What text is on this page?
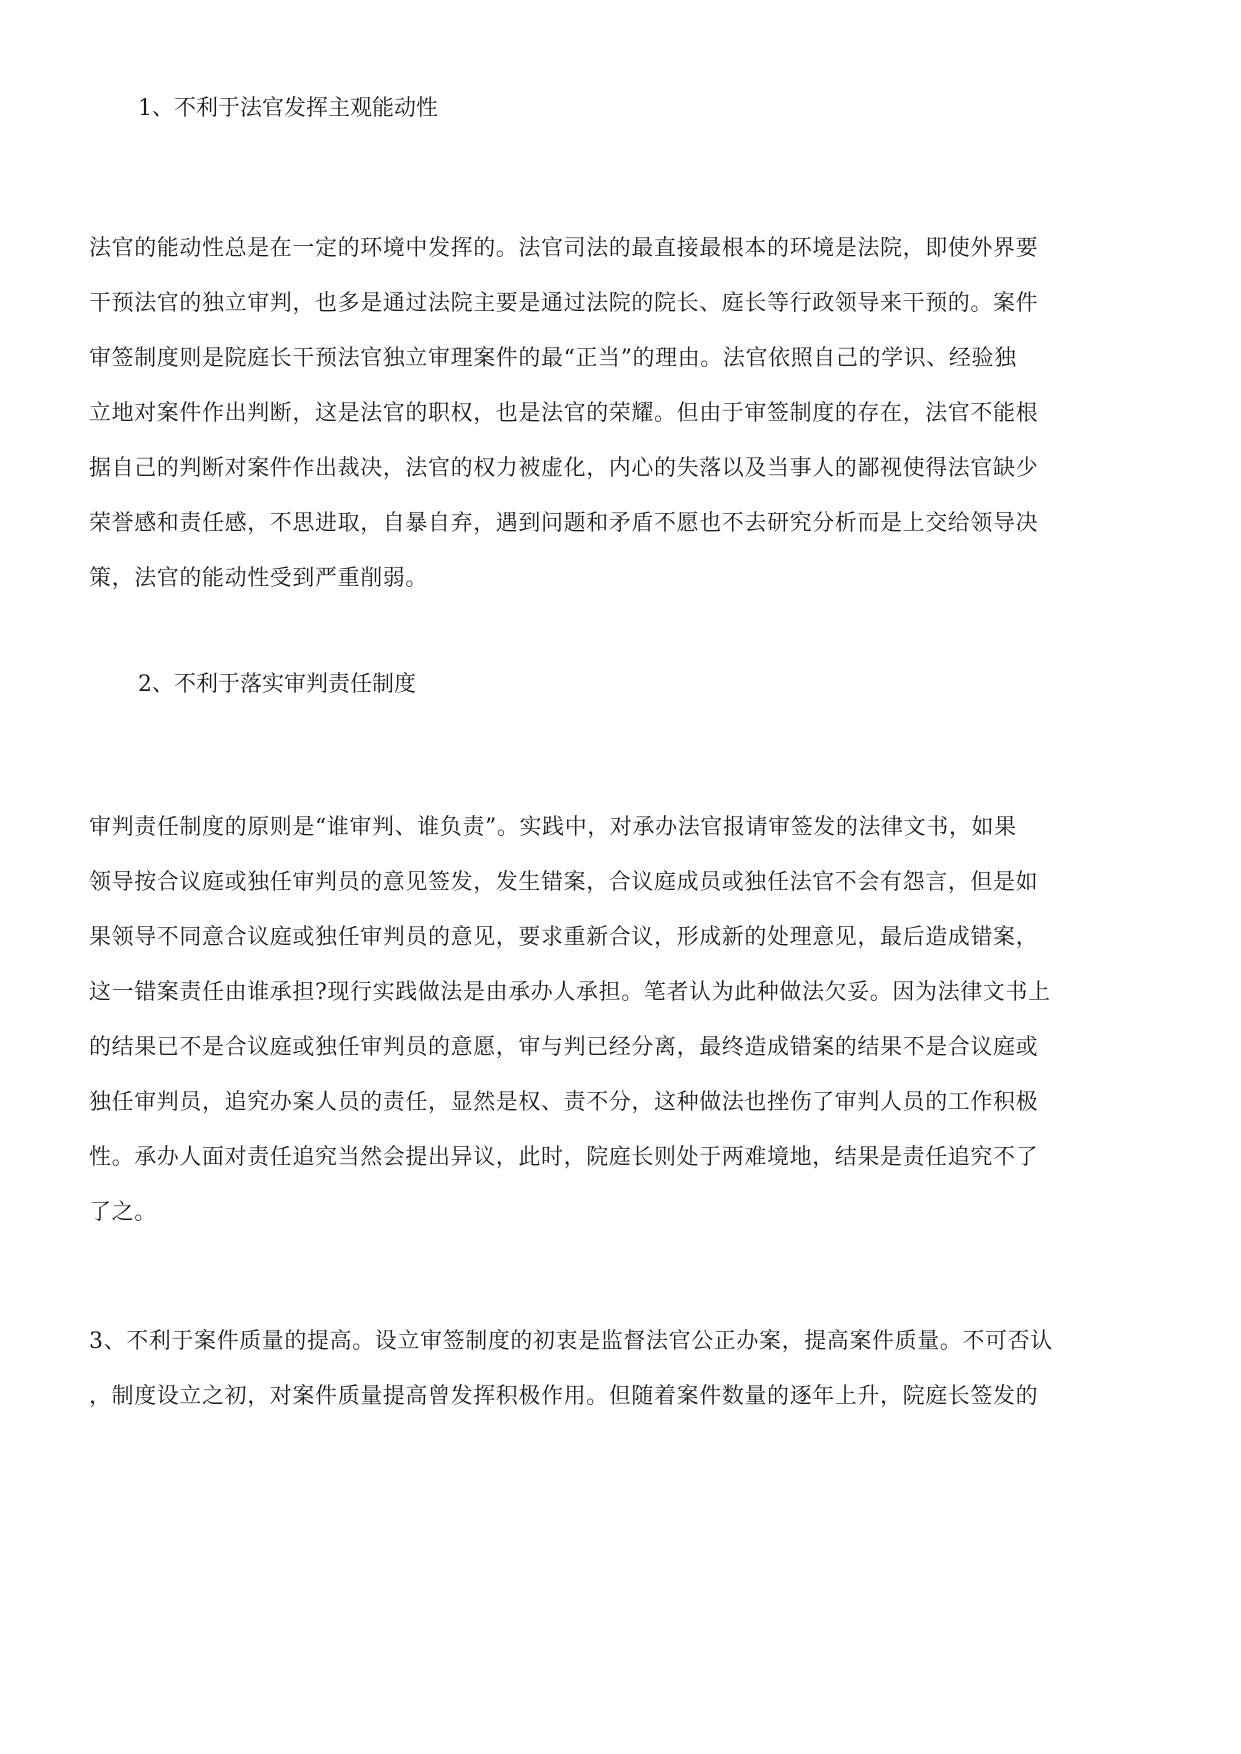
1、不利于法官发挥主观能动性
法官的能动性总是在一定的环境中发挥的。法官司法的最直接最根本的环境是法院，即使外界要
干预法官的独立审判，也多是通过法院主要是通过法院的院长、庭长等行政领导来干预的。案件
审签制度则是院庭长干预法官独立审理案件的最“正当”的理由。法官依照自己的学识、经验独
立地对案件作出判断，这是法官的职权，也是法官的荣耀。但由于审签制度的存在，法官不能根
据自己的判断对案件作出裁决，法官的权力被虚化，内心的失落以及当事人的鄙视使得法官缺少
荣誉感和责任感，不思进取，自暴自弃，遇到问题和矛盾不愿也不去研究分析而是上交给领导决
策，法官的能动性受到严重削弱。
2、不利于落实审判责任制度
审判责任制度的原则是“谁审判、谁负责”。实践中，对承办法官报请审签发的法律文书，如果
领导按合议庭或独任审判员的意见签发，发生错案，合议庭成员或独任法官不会有怨言，但是如
果领导不同意合议庭或独任审判员的意见，要求重新合议，形成新的处理意见，最后造成错案，
这一错案责任由谁承担?现行实践做法是由承办人承担。笔者认为此种做法欠妥。因为法律文书上
的结果已不是合议庭或独任审判员的意愿，审与判已经分离，最终造成错案的结果不是合议庭或
独任审判员，追究办案人员的责任，显然是权、责不分，这种做法也挫伤了审判人员的工作积极
性。承办人面对责任追究当然会提出异议，此时，院庭长则处于两难境地，结果是责任追究不了
了之。
3、不利于案件质量的提高。设立审签制度的初衷是监督法官公正办案，提高案件质量。不可否认
，制度设立之初，对案件质量提高曾发挥积极作用。但随着案件数量的逐年上升，院庭长签发的
